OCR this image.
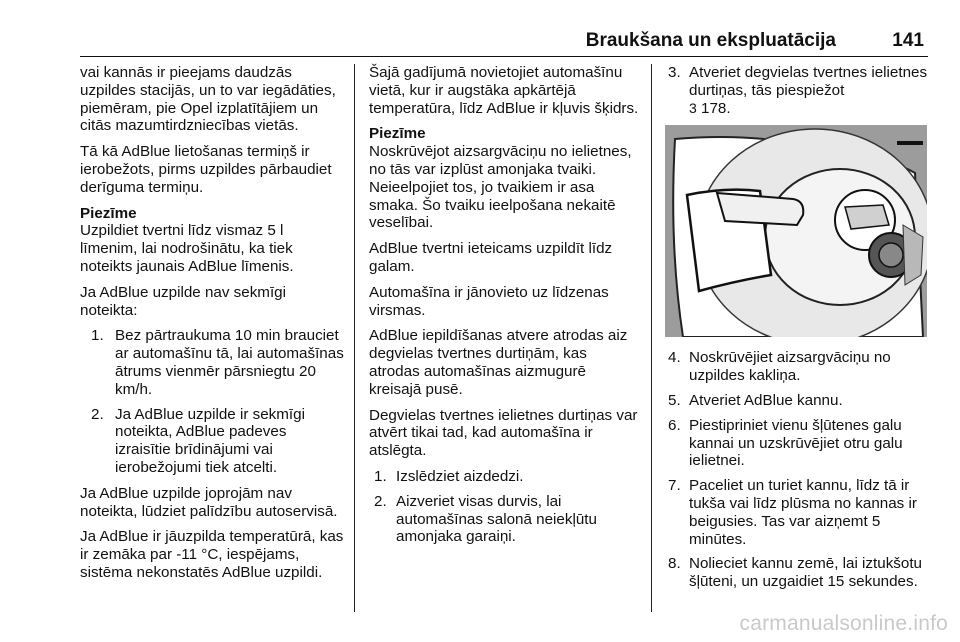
Braukšana un ekspluatācija	141

vai kannās ir pieejams daudzās uzpildes stacijās, un to var iegādāties, piemēram, pie Opel izplatītājiem un citās mazumtirdzniecības vietās.

Tā kā AdBlue lietošanas termiņš ir ierobežots, pirms uzpildes pārbaudiet derīguma termiņu.

Piezīme
Uzpildiet tvertni līdz vismaz 5 l līmenim, lai nodrošinātu, ka tiek noteikts jaunais AdBlue līmenis.

Ja AdBlue uzpilde nav sekmīgi noteikta:

1. Bez pārtraukuma 10 min brauciet ar automašīnu tā, lai automašīnas ātrums vienmēr pārsniegtu 20 km/h.
2. Ja AdBlue uzpilde ir sekmīgi noteikta, AdBlue padeves izraisītie brīdinājumi vai ierobežojumi tiek atcelti.

Ja AdBlue uzpilde joprojām nav noteikta, lūdziet palīdzību autoservisā.

Ja AdBlue ir jāuzpilda temperatūrā, kas ir zemāka par -11 °C, iespējams, sistēma nekonstatēs AdBlue uzpildi.

Šajā gadījumā novietojiet automašīnu vietā, kur ir augstāka apkārtējā temperatūra, līdz AdBlue ir kļuvis šķidrs.

Piezīme
Noskrūvējot aizsargvāciņu no ielietnes, no tās var izplūst amonjaka tvaiki. Neieelpojiet tos, jo tvaikiem ir asa smaka. Šo tvaiku ieelpošana nekaitē veselībai.

AdBlue tvertni ieteicams uzpildīt līdz galam.

Automašīna ir jānovieto uz līdzenas virsmas.

AdBlue iepildīšanas atvere atrodas aiz degvielas tvertnes durtiņām, kas atrodas automašīnas aizmugurē kreisajā pusē.

Degvielas tvertnes ielietnes durtiņas var atvērt tikai tad, kad automašīna ir atslēgta.

1. Izslēdziet aizdedzi.
2. Aizveriet visas durvis, lai automašīnas salonā neiekļūtu amonjaka garaiņi.
3. Atveriet degvielas tvertnes ielietnes durtiņas, tās piespiežot
3 178.
4. Noskrūvējiet aizsargvāciņu no uzpildes kakliņa.
5. Atveriet AdBlue kannu.
6. Piestipriniet vienu šļūtenes galu kannai un uzskrūvējiet otru galu ielietnei.
7. Paceliet un turiet kannu, līdz tā ir tukša vai līdz plūsma no kannas ir beigusies. Tas var aizņemt 5 minūtes.
8. Nolieciet kannu zemē, lai iztukšotu šļūteni, un uzgaidiet 15 sekundes.
carmanualsonline.info
